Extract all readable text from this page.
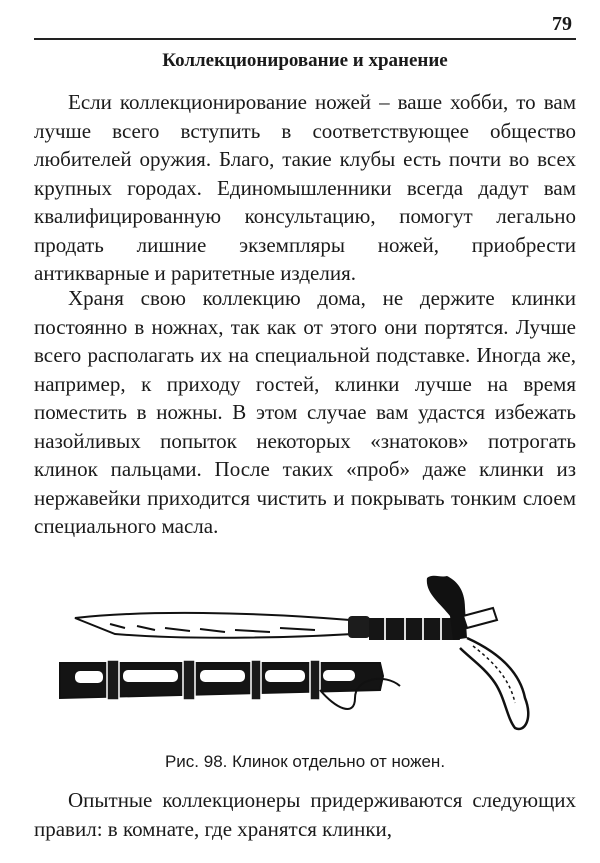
79
Коллекционирование и хранение

Если коллекционирование ножей – ваше хобби, то вам лучше всего вступить в соответствующее общество любителей оружия. Благо, такие клубы есть почти во всех крупных городах. Единомышленники всегда дадут вам квалифицированную консультацию, помогут легально продать лишние экземпляры ножей, приобрести антикварные и раритетные изделия.

Храня свою коллекцию дома, не держите клинки постоянно в ножнах, так как от этого они портятся. Лучше всего располагать их на специальной подставке. Иногда же, например, к приходу гостей, клинки лучше на время поместить в ножны. В этом случае вам удастся избежать назойливых попыток некоторых «знатоков» потрогать клинок пальцами. После таких «проб» даже клинки из нержавейки приходится чистить и покрывать тонким слоем специального масла.

Рис. 98. Клинок отдельно от ножен.

Опытные коллекционеры придерживаются следующих правил: в комнате, где хранятся клинки,
